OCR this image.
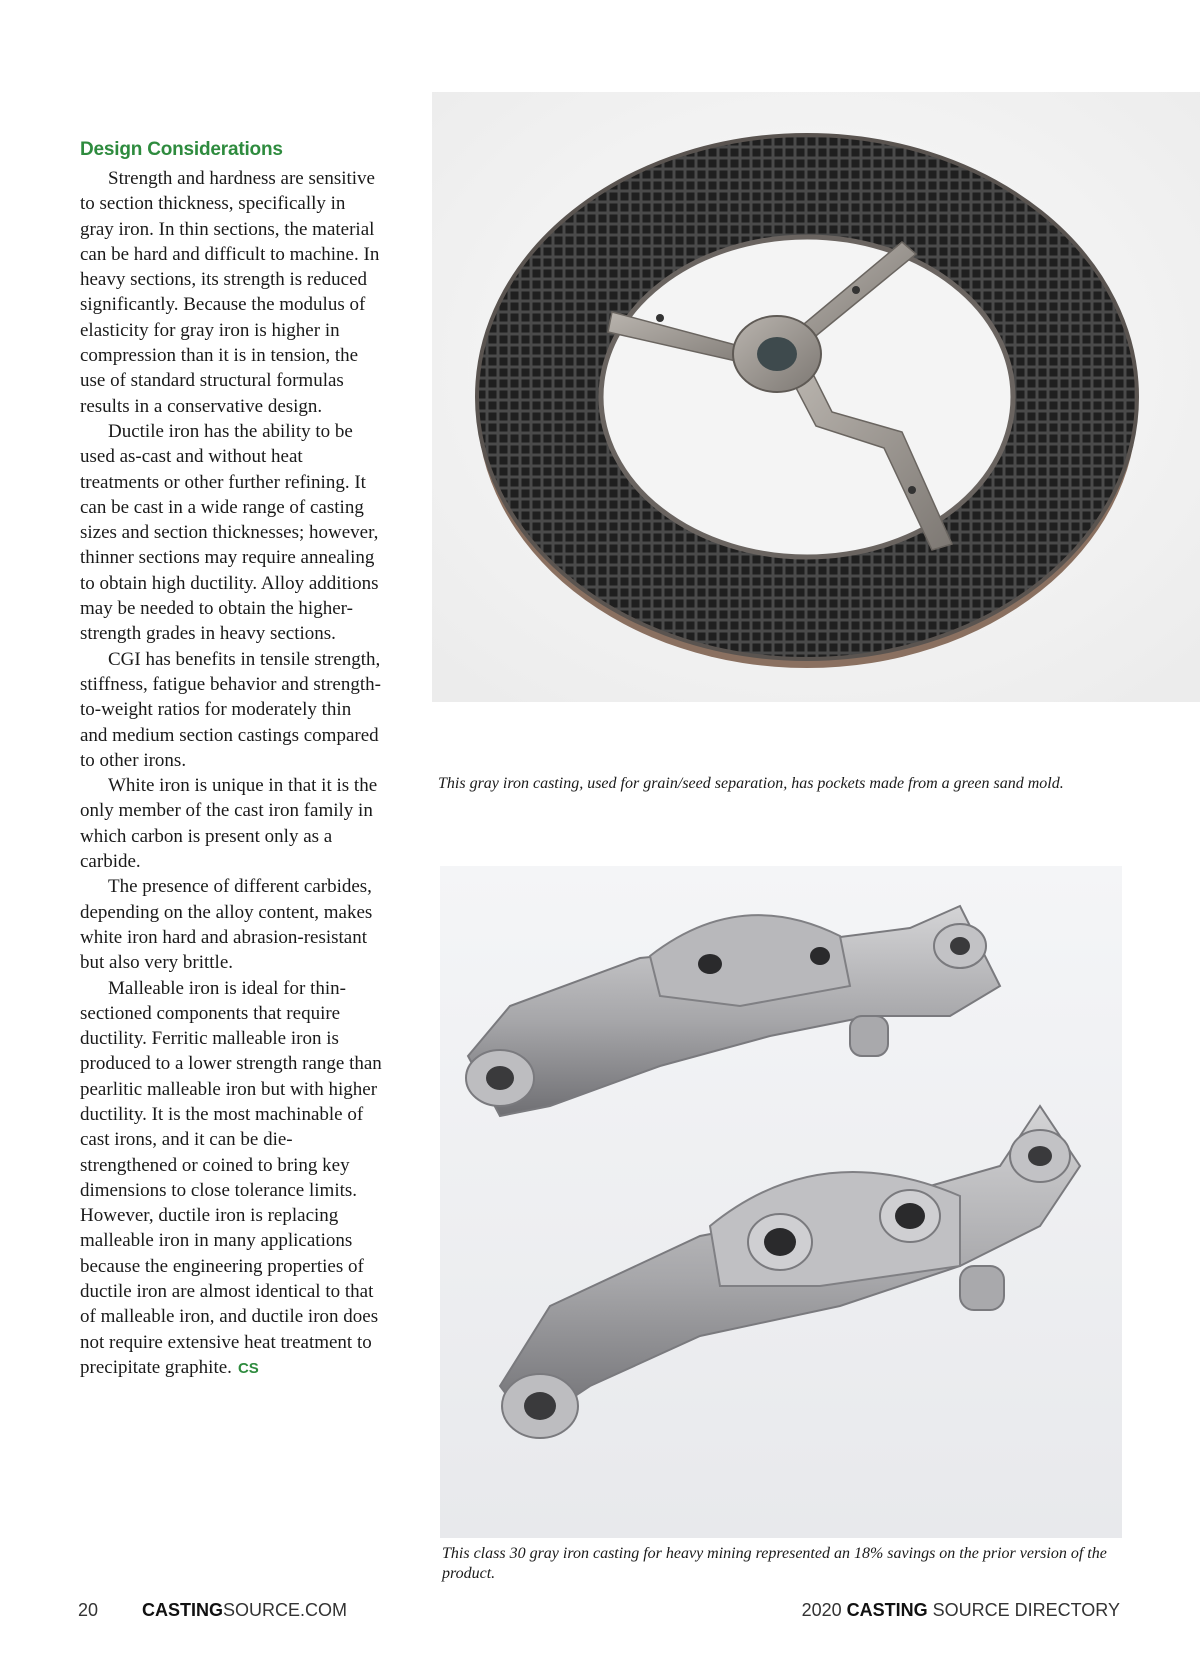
Design Considerations

Strength and hardness are sensitive to section thickness, specifically in gray iron. In thin sections, the material can be hard and difficult to machine. In heavy sections, its strength is reduced significantly. Because the modulus of elasticity for gray iron is higher in compression than it is in tension, the use of standard structural formulas results in a conservative design.

Ductile iron has the ability to be used as-cast and without heat treatments or other further refining. It can be cast in a wide range of casting sizes and section thicknesses; however, thinner sections may require annealing to obtain high ductility. Alloy additions may be needed to obtain the higher-strength grades in heavy sections.

CGI has benefits in tensile strength, stiffness, fatigue behavior and strength-to-weight ratios for moderately thin and medium section castings compared to other irons.

White iron is unique in that it is the only member of the cast iron family in which carbon is present only as a carbide.

The presence of different carbides, depending on the alloy content, makes white iron hard and abrasion-resistant but also very brittle.

Malleable iron is ideal for thin-sectioned components that require ductility. Ferritic malleable iron is produced to a lower strength range than pearlitic malleable iron but with higher ductility. It is the most machinable of cast irons, and it can be die-strengthened or coined to bring key dimensions to close tolerance limits. However, ductile iron is replacing malleable iron in many applications because the engineering properties of ductile iron are almost identical to that of malleable iron, and ductile iron does not require extensive heat treatment to precipitate graphite. CS

This gray iron casting, used for grain/seed separation, has pockets made from a green sand mold.
This class 30 gray iron casting for heavy mining represented an 18% savings on the prior version of the product.
20 CASTINGSOURCE.COM	2020 CASTING SOURCE DIRECTORY
